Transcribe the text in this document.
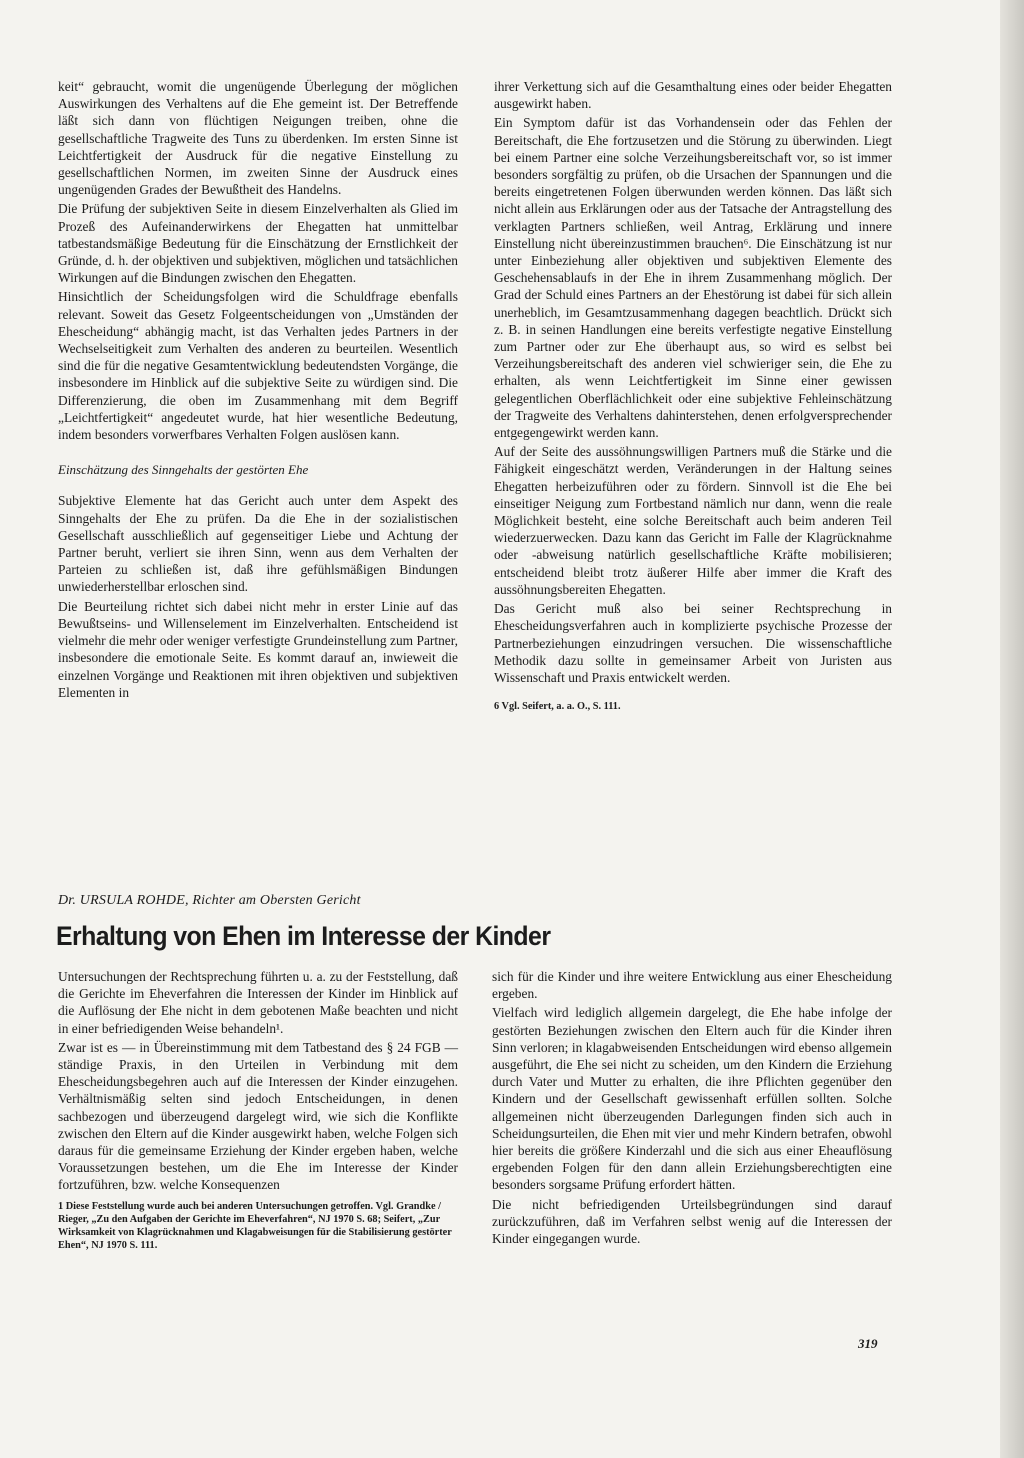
keit“ gebraucht, womit die ungenügende Überlegung der möglichen Auswirkungen des Verhaltens auf die Ehe gemeint ist. Der Betreffende läßt sich dann von flüchtigen Neigungen treiben, ohne die gesellschaftliche Tragweite des Tuns zu überdenken. Im ersten Sinne ist Leichtfertigkeit der Ausdruck für die negative Einstellung zu gesellschaftlichen Normen, im zweiten Sinne der Ausdruck eines ungenügenden Grades der Bewußtheit des Handelns.

Die Prüfung der subjektiven Seite in diesem Einzelverhalten als Glied im Prozeß des Aufeinanderwirkens der Ehegatten hat unmittelbar tatbestandsmäßige Bedeutung für die Einschätzung der Ernstlichkeit der Gründe, d. h. der objektiven und subjektiven, möglichen und tatsächlichen Wirkungen auf die Bindungen zwischen den Ehegatten.

Hinsichtlich der Scheidungsfolgen wird die Schuldfrage ebenfalls relevant. Soweit das Gesetz Folgeentscheidungen von „Umständen der Ehescheidung“ abhängig macht, ist das Verhalten jedes Partners in der Wechselseitigkeit zum Verhalten des anderen zu beurteilen. Wesentlich sind die für die negative Gesamtentwicklung bedeutendsten Vorgänge, die insbesondere im Hinblick auf die subjektive Seite zu würdigen sind. Die Differenzierung, die oben im Zusammenhang mit dem Begriff „Leichtfertigkeit“ angedeutet wurde, hat hier wesentliche Bedeutung, indem besonders vorwerfbares Verhalten Folgen auslösen kann.

Einschätzung des Sinngehalts der gestörten Ehe

Subjektive Elemente hat das Gericht auch unter dem Aspekt des Sinngehalts der Ehe zu prüfen. Da die Ehe in der sozialistischen Gesellschaft ausschließlich auf gegenseitiger Liebe und Achtung der Partner beruht, verliert sie ihren Sinn, wenn aus dem Verhalten der Parteien zu schließen ist, daß ihre gefühlsmäßigen Bindungen unwiederherstellbar erloschen sind.

Die Beurteilung richtet sich dabei nicht mehr in erster Linie auf das Bewußtseins- und Willenselement im Einzelverhalten. Entscheidend ist vielmehr die mehr oder weniger verfestigte Grundeinstellung zum Partner, insbesondere die emotionale Seite. Es kommt darauf an, inwieweit die einzelnen Vorgänge und Reaktionen mit ihren objektiven und subjektiven Elementen in

ihrer Verkettung sich auf die Gesamthaltung eines oder beider Ehegatten ausgewirkt haben.

Ein Symptom dafür ist das Vorhandensein oder das Fehlen der Bereitschaft, die Ehe fortzusetzen und die Störung zu überwinden. Liegt bei einem Partner eine solche Verzeihungsbereitschaft vor, so ist immer besonders sorgfältig zu prüfen, ob die Ursachen der Spannungen und die bereits eingetretenen Folgen überwunden werden können. Das läßt sich nicht allein aus Erklärungen oder aus der Tatsache der Antragstellung des verklagten Partners schließen, weil Antrag, Erklärung und innere Einstellung nicht übereinzustimmen brauchen⁶. Die Einschätzung ist nur unter Einbeziehung aller objektiven und subjektiven Elemente des Geschehensablaufs in der Ehe in ihrem Zusammenhang möglich. Der Grad der Schuld eines Partners an der Ehestörung ist dabei für sich allein unerheblich, im Gesamtzusammenhang dagegen beachtlich. Drückt sich z. B. in seinen Handlungen eine bereits verfestigte negative Einstellung zum Partner oder zur Ehe überhaupt aus, so wird es selbst bei Verzeihungsbereitschaft des anderen viel schwieriger sein, die Ehe zu erhalten, als wenn Leichtfertigkeit im Sinne einer gewissen gelegentlichen Oberflächlichkeit oder eine subjektive Fehleinschätzung der Tragweite des Verhaltens dahinterstehen, denen erfolgversprechender entgegengewirkt werden kann.

Auf der Seite des aussöhnungswilligen Partners muß die Stärke und die Fähigkeit eingeschätzt werden, Veränderungen in der Haltung seines Ehegatten herbeizuführen oder zu fördern. Sinnvoll ist die Ehe bei einseitiger Neigung zum Fortbestand nämlich nur dann, wenn die reale Möglichkeit besteht, eine solche Bereitschaft auch beim anderen Teil wiederzuerwecken. Dazu kann das Gericht im Falle der Klagrücknahme oder -abweisung natürlich gesellschaftliche Kräfte mobilisieren; entscheidend bleibt trotz äußerer Hilfe aber immer die Kraft des aussöhnungsbereiten Ehegatten.

Das Gericht muß also bei seiner Rechtsprechung in Ehescheidungsverfahren auch in komplizierte psychische Prozesse der Partnerbeziehungen einzudringen versuchen. Die wissenschaftliche Methodik dazu sollte in gemeinsamer Arbeit von Juristen aus Wissenschaft und Praxis entwickelt werden.

6 Vgl. Seifert, a. a. O., S. 111.

Dr. URSULA ROHDE, Richter am Obersten Gericht
Erhaltung von Ehen im Interesse der Kinder

Untersuchungen der Rechtsprechung führten u. a. zu der Feststellung, daß die Gerichte im Eheverfahren die Interessen der Kinder im Hinblick auf die Auflösung der Ehe nicht in dem gebotenen Maße beachten und nicht in einer befriedigenden Weise behandeln¹.

Zwar ist es — in Übereinstimmung mit dem Tatbestand des § 24 FGB — ständige Praxis, in den Urteilen in Verbindung mit dem Ehescheidungsbegehren auch auf die Interessen der Kinder einzugehen. Verhältnismäßig selten sind jedoch Entscheidungen, in denen sachbezogen und überzeugend dargelegt wird, wie sich die Konflikte zwischen den Eltern auf die Kinder ausgewirkt haben, welche Folgen sich daraus für die gemeinsame Erziehung der Kinder ergeben haben, welche Voraussetzungen bestehen, um die Ehe im Interesse der Kinder fortzuführen, bzw. welche Konsequenzen

1 Diese Feststellung wurde auch bei anderen Untersuchungen getroffen. Vgl. Grandke / Rieger, „Zu den Aufgaben der Gerichte im Eheverfahren“, NJ 1970 S. 68; Seifert, „Zur Wirksamkeit von Klagrücknahmen und Klagabweisungen für die Stabilisierung gestörter Ehen“, NJ 1970 S. 111.

sich für die Kinder und ihre weitere Entwicklung aus einer Ehescheidung ergeben.

Vielfach wird lediglich allgemein dargelegt, die Ehe habe infolge der gestörten Beziehungen zwischen den Eltern auch für die Kinder ihren Sinn verloren; in klagabweisenden Entscheidungen wird ebenso allgemein ausgeführt, die Ehe sei nicht zu scheiden, um den Kindern die Erziehung durch Vater und Mutter zu erhalten, die ihre Pflichten gegenüber den Kindern und der Gesellschaft gewissenhaft erfüllen sollten. Solche allgemeinen nicht überzeugenden Darlegungen finden sich auch in Scheidungsurteilen, die Ehen mit vier und mehr Kindern betrafen, obwohl hier bereits die größere Kinderzahl und die sich aus einer Eheauflösung ergebenden Folgen für den dann allein Erziehungsberechtigten eine besonders sorgsame Prüfung erfordert hätten.

Die nicht befriedigenden Urteilsbegründungen sind darauf zurückzuführen, daß im Verfahren selbst wenig auf die Interessen der Kinder eingegangen wurde.

319
